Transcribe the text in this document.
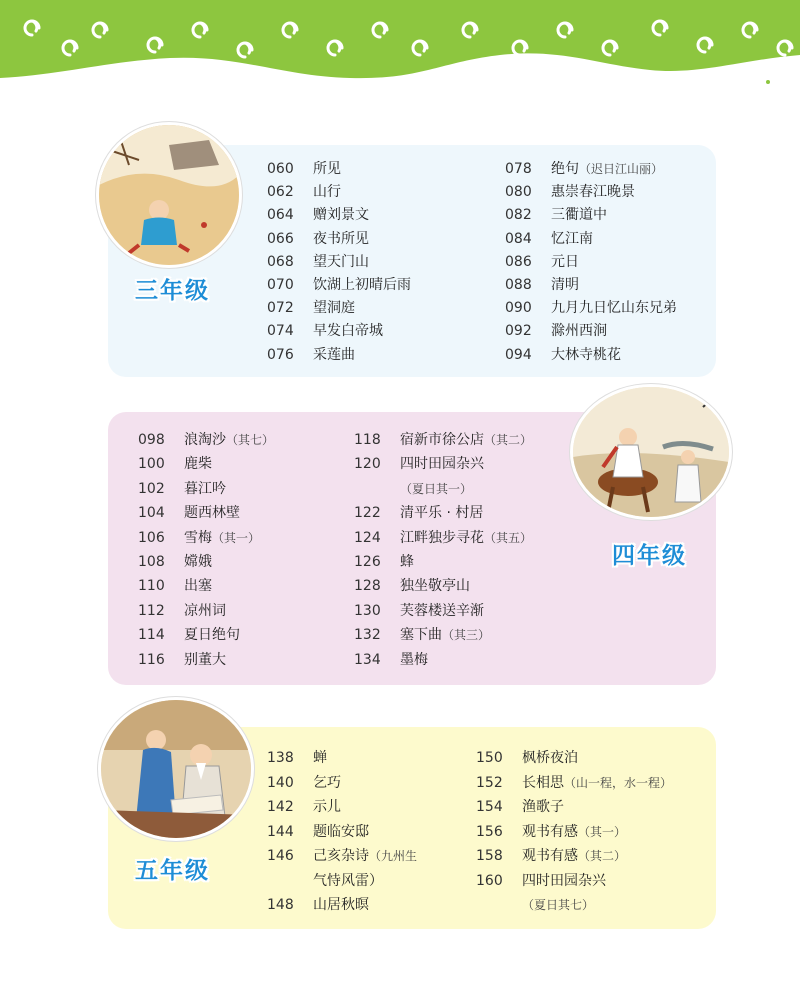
三年级
060 所见
062 山行
064 赠刘景文
066 夜书所见
068 望天门山
070 饮湖上初晴后雨
072 望洞庭
074 早发白帝城
076 采莲曲
078 绝句（迟日江山丽）
080 惠崇春江晚景
082 三衢道中
084 忆江南
086 元日
088 清明
090 九月九日忆山东兄弟
092 滁州西涧
094 大林寺桃花
四年级
098 浪淘沙（其七）
100 鹿柴
102 暮江吟
104 题西林壁
106 雪梅（其一）
108 嫦娥
110 出塞
112 凉州词
114 夏日绝句
116 别董大
118 宿新市徐公店（其二）
120 四时田园杂兴
（夏日其一）
122 清平乐 · 村居
124 江畔独步寻花（其五）
126 蜂
128 独坐敬亭山
130 芙蓉楼送辛渐
132 塞下曲（其三）
134 墨梅
五年级
138 蝉
140 乞巧
142 示儿
144 题临安邸
146 己亥杂诗（九州生
气恃风雷）
148 山居秋暝
150 枫桥夜泊
152 长相思（山一程，水一程）
154 渔歌子
156 观书有感（其一）
158 观书有感（其二）
160 四时田园杂兴
（夏日其七）
